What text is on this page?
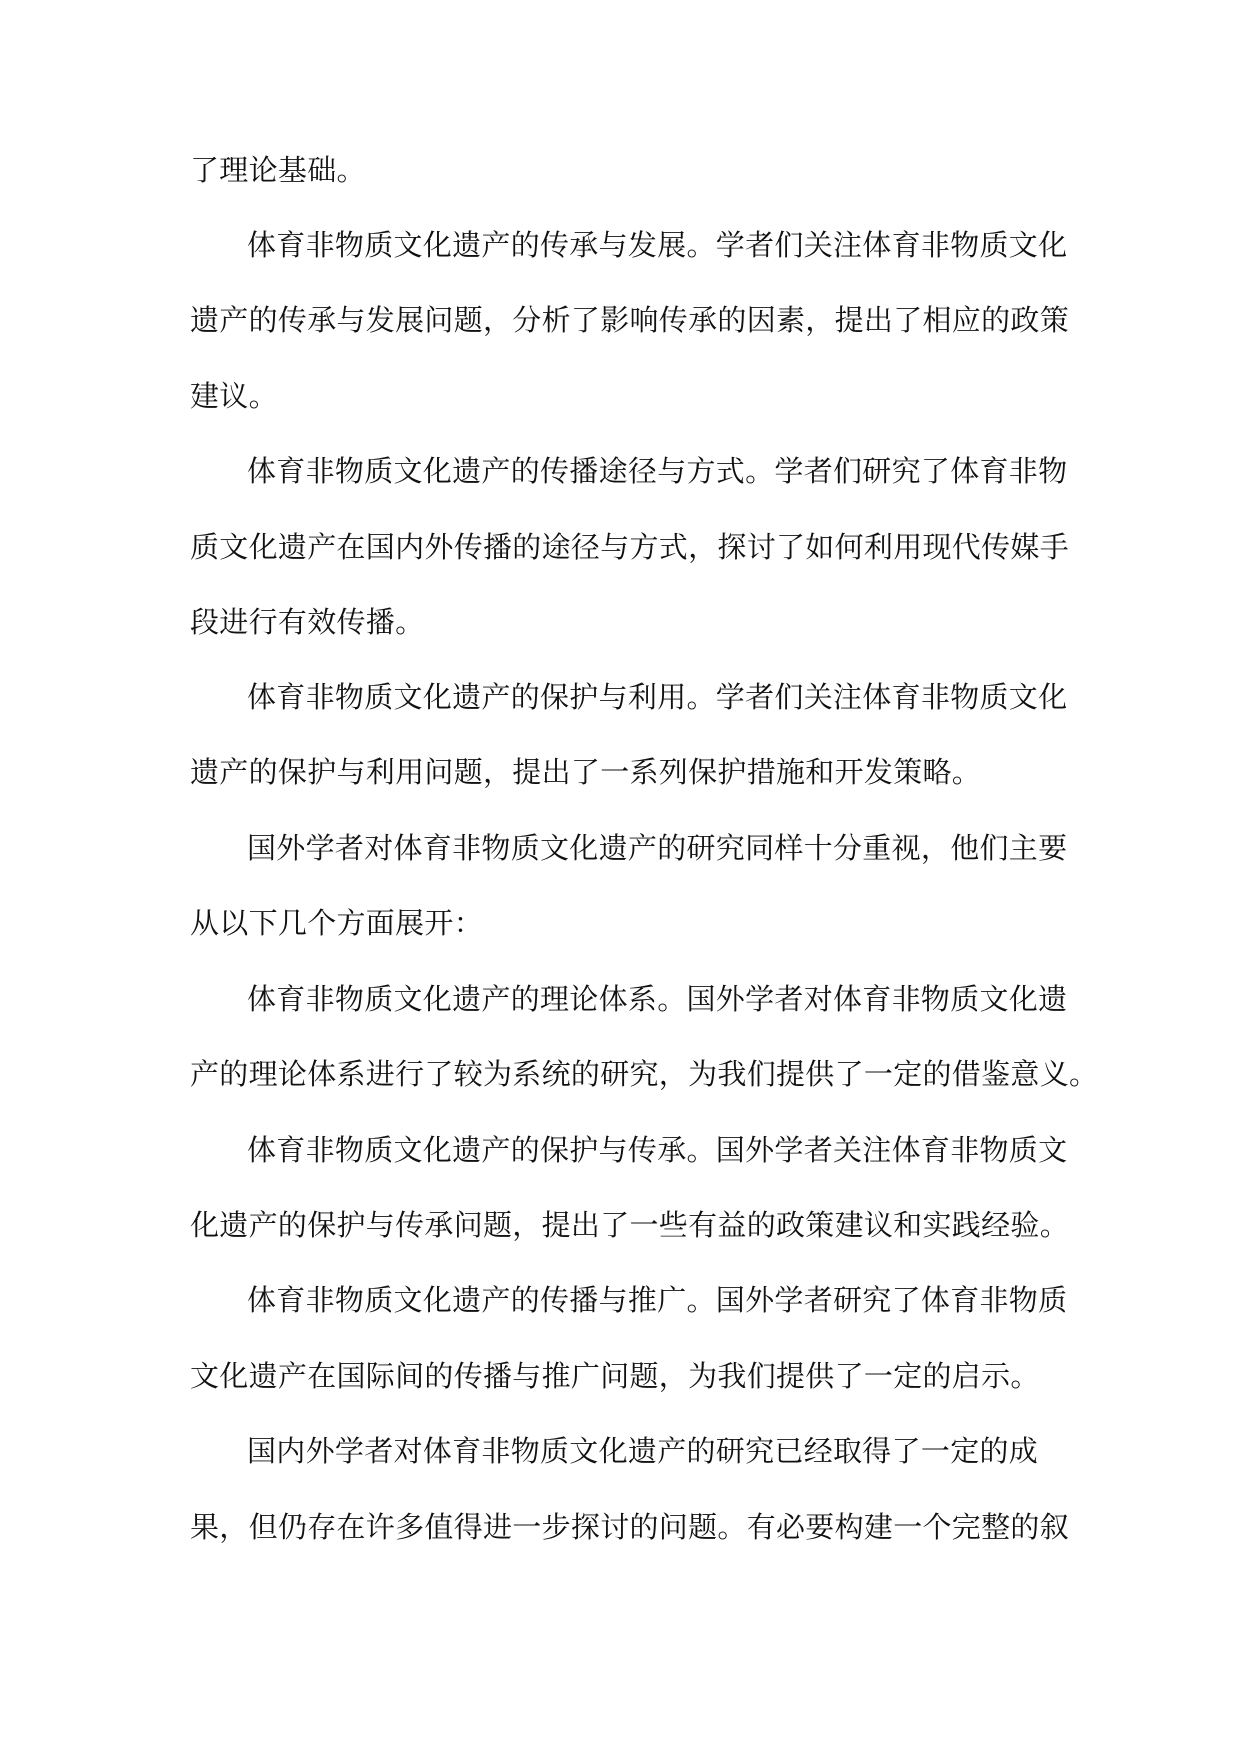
了理论基础。

体育非物质文化遗产的传承与发展。学者们关注体育非物质文化

遗产的传承与发展问题，分析了影响传承的因素，提出了相应的政策

建议。

体育非物质文化遗产的传播途径与方式。学者们研究了体育非物

质文化遗产在国内外传播的途径与方式，探讨了如何利用现代传媒手

段进行有效传播。

体育非物质文化遗产的保护与利用。学者们关注体育非物质文化

遗产的保护与利用问题，提出了一系列保护措施和开发策略。

国外学者对体育非物质文化遗产的研究同样十分重视，他们主要

从以下几个方面展开：

体育非物质文化遗产的理论体系。国外学者对体育非物质文化遗

产的理论体系进行了较为系统的研究，为我们提供了一定的借鉴意义。

体育非物质文化遗产的保护与传承。国外学者关注体育非物质文

化遗产的保护与传承问题，提出了一些有益的政策建议和实践经验。

体育非物质文化遗产的传播与推广。国外学者研究了体育非物质

文化遗产在国际间的传播与推广问题，为我们提供了一定的启示。

国内外学者对体育非物质文化遗产的研究已经取得了一定的成

果，但仍存在许多值得进一步探讨的问题。有必要构建一个完整的叙
